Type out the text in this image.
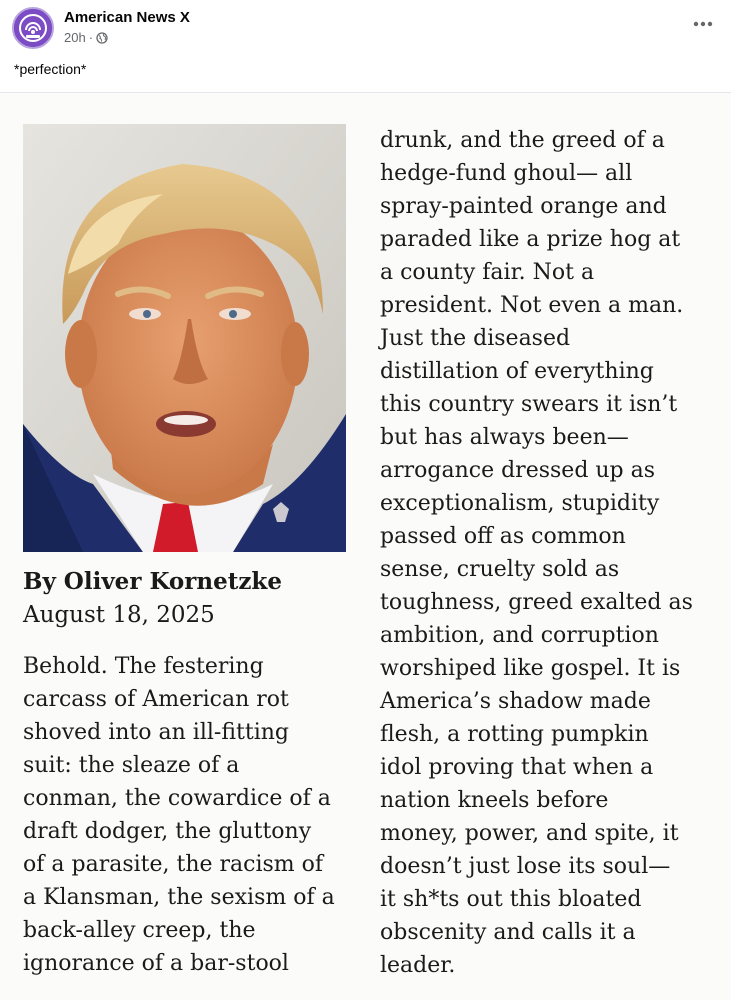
American News X
20h ·
*perfection*
By Oliver Kornetzke
August 18, 2025
Behold. The festering
carcass of American rot
shoved into an ill-fitting
suit: the sleaze of a
conman, the cowardice of a
draft dodger, the gluttony
of a parasite, the racism of
a Klansman, the sexism of a
back-alley creep, the
ignorance of a bar-stool
drunk, and the greed of a
hedge-fund ghoul— all
spray-painted orange and
paraded like a prize hog at
a county fair. Not a
president. Not even a man.
Just the diseased
distillation of everything
this country swears it isn’t
but has always been—
arrogance dressed up as
exceptionalism, stupidity
passed off as common
sense, cruelty sold as
toughness, greed exalted as
ambition, and corruption
worshiped like gospel. It is
America’s shadow made
flesh, a rotting pumpkin
idol proving that when a
nation kneels before
money, power, and spite, it
doesn’t just lose its soul—
it sh*ts out this bloated
obscenity and calls it a
leader.
